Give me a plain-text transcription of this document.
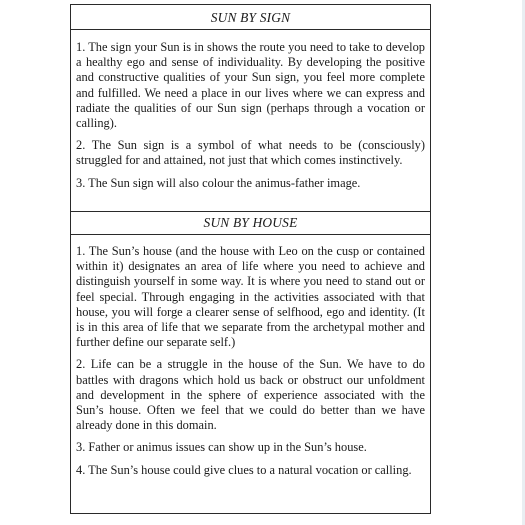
SUN BY SIGN

1. The sign your Sun is in shows the route you need to take to develop a healthy ego and sense of individuality. By developing the positive and constructive qualities of your Sun sign, you feel more complete and fulfilled. We need a place in our lives where we can express and radiate the qualities of our Sun sign (perhaps through a vocation or calling).

2. The Sun sign is a symbol of what needs to be (consciously) struggled for and attained, not just that which comes instinctively.

3. The Sun sign will also colour the animus-father image.

SUN BY HOUSE

1. The Sun’s house (and the house with Leo on the cusp or contained within it) designates an area of life where you need to achieve and distinguish yourself in some way. It is where you need to stand out or feel special. Through engaging in the activities associated with that house, you will forge a clearer sense of selfhood, ego and identity. (It is in this area of life that we separate from the archetypal mother and further define our separate self.)

2. Life can be a struggle in the house of the Sun. We have to do battles with dragons which hold us back or obstruct our unfoldment and development in the sphere of experience associated with the Sun’s house. Often we feel that we could do better than we have already done in this domain.

3. Father or animus issues can show up in the Sun’s house.

4. The Sun’s house could give clues to a natural vocation or calling.
